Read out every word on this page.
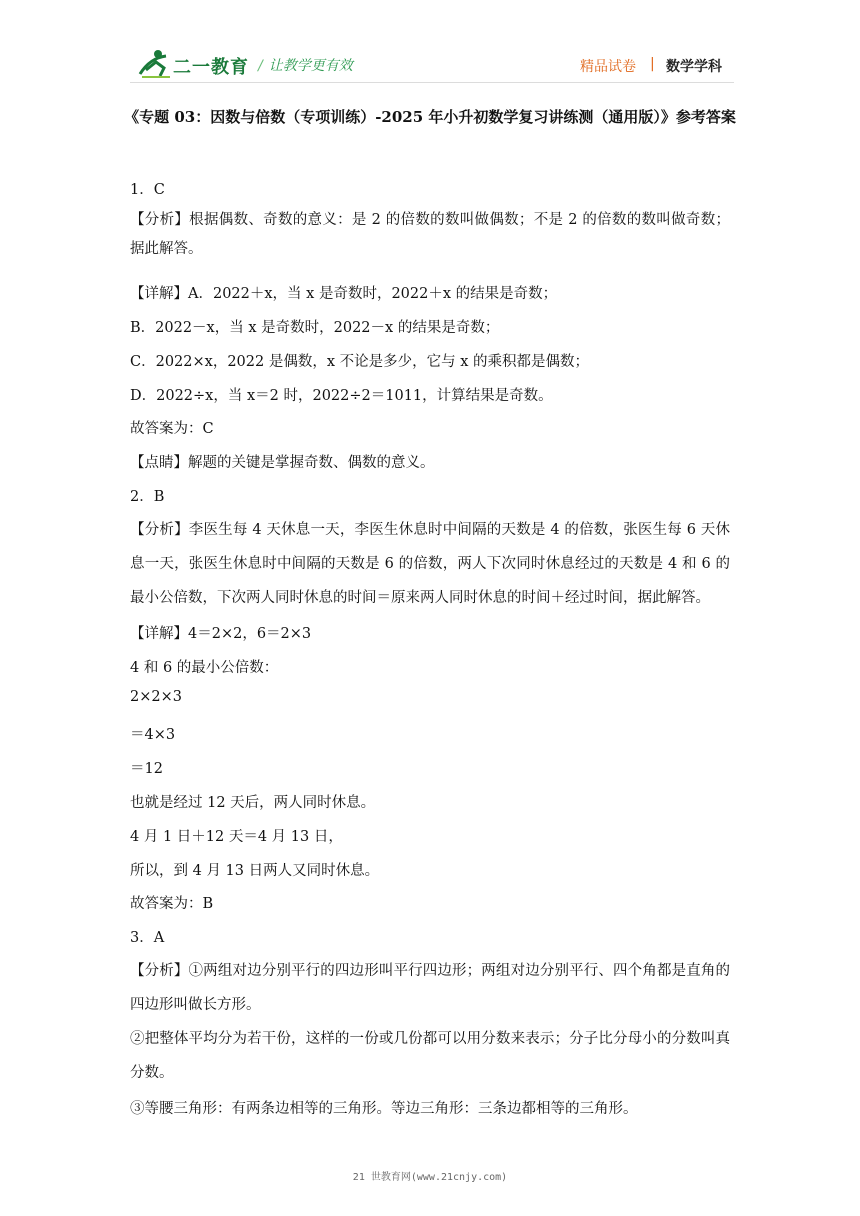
二一教育 / 让教学更有效	精品试卷 | 数学学科
《专题 03：因数与倍数（专项训练）-2025 年小升初数学复习讲练测（通用版）》参考答案
1．C
【分析】根据偶数、奇数的意义：是 2 的倍数的数叫做偶数；不是 2 的倍数的数叫做奇数；据此解答。
【详解】A．2022＋x，当 x 是奇数时，2022＋x 的结果是奇数；
B．2022－x，当 x 是奇数时，2022－x 的结果是奇数；
C．2022×x，2022 是偶数，x 不论是多少，它与 x 的乘积都是偶数；
D．2022÷x，当 x＝2 时，2022÷2＝1011，计算结果是奇数。
故答案为：C
【点睛】解题的关键是掌握奇数、偶数的意义。
2．B
【分析】李医生每 4 天休息一天，李医生休息时中间隔的天数是 4 的倍数，张医生每 6 天休息一天，张医生休息时中间隔的天数是 6 的倍数，两人下次同时休息经过的天数是 4 和 6 的最小公倍数，下次两人同时休息的时间＝原来两人同时休息的时间＋经过时间，据此解答。
【详解】4＝2×2，6＝2×3
4 和 6 的最小公倍数：
2×2×3
＝4×3
＝12
也就是经过 12 天后，两人同时休息。
4 月 1 日＋12 天＝4 月 13 日，
所以，到 4 月 13 日两人又同时休息。
故答案为：B
3．A
【分析】①两组对边分别平行的四边形叫平行四边形；两组对边分别平行、四个角都是直角的四边形叫做长方形。
②把整体平均分为若干份，这样的一份或几份都可以用分数来表示；分子比分母小的分数叫真分数。
③等腰三角形：有两条边相等的三角形。等边三角形：三条边都相等的三角形。
21 世教育网(www.21cnjy.com)
